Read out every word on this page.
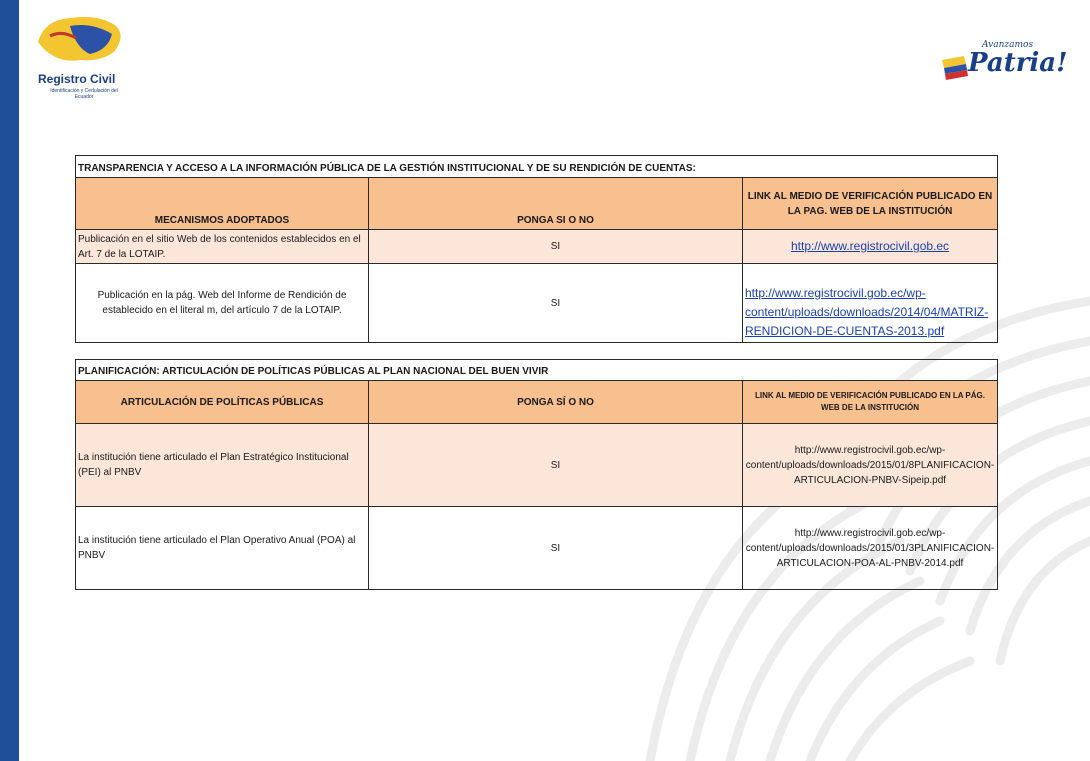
Registro Civil
Identificación y Cedulación del Ecuador
Avanzamos
Patria!
TRANSPARENCIA Y ACCESO A LA INFORMACIÓN PÚBLICA DE LA GESTIÓN INSTITUCIONAL Y DE SU RENDICIÓN DE CUENTAS:		
MECANISMOS ADOPTADOS	PONGA SI O NO	LINK AL MEDIO DE VERIFICACIÓN PUBLICADO EN LA PAG. WEB DE LA INSTITUCIÓN
Publicación en el sitio Web de los contenidos establecidos en el Art. 7 de la LOTAIP.	SI	http://www.registrocivil.gob.ec
Publicación en la pág. Web del Informe de Rendición de establecido en el literal m, del artículo 7 de la LOTAIP.	SI	http://www.registrocivil.gob.ec/wp-content/uploads/downloads/2014/04/MATRIZ-RENDICION-DE-CUENTAS-2013.pdf
PLANIFICACIÓN: ARTICULACIÓN DE POLÍTICAS PÚBLICAS AL PLAN NACIONAL DEL BUEN VIVIR		
ARTICULACIÓN DE POLÍTICAS PÚBLICAS	PONGA SÍ O NO	LINK AL MEDIO DE VERIFICACIÓN PUBLICADO EN LA PÁG. WEB DE LA INSTITUCIÓN
La institución tiene articulado el Plan Estratégico Institucional (PEI) al PNBV	SI	http://www.registrocivil.gob.ec/wp-content/uploads/downloads/2015/01/8PLANIFICACION-ARTICULACION-PNBV-Sipeip.pdf
La institución tiene articulado el Plan Operativo Anual (POA) al PNBV	SI	http://www.registrocivil.gob.ec/wp-content/uploads/downloads/2015/01/3PLANIFICACION-ARTICULACION-POA-AL-PNBV-2014.pdf
